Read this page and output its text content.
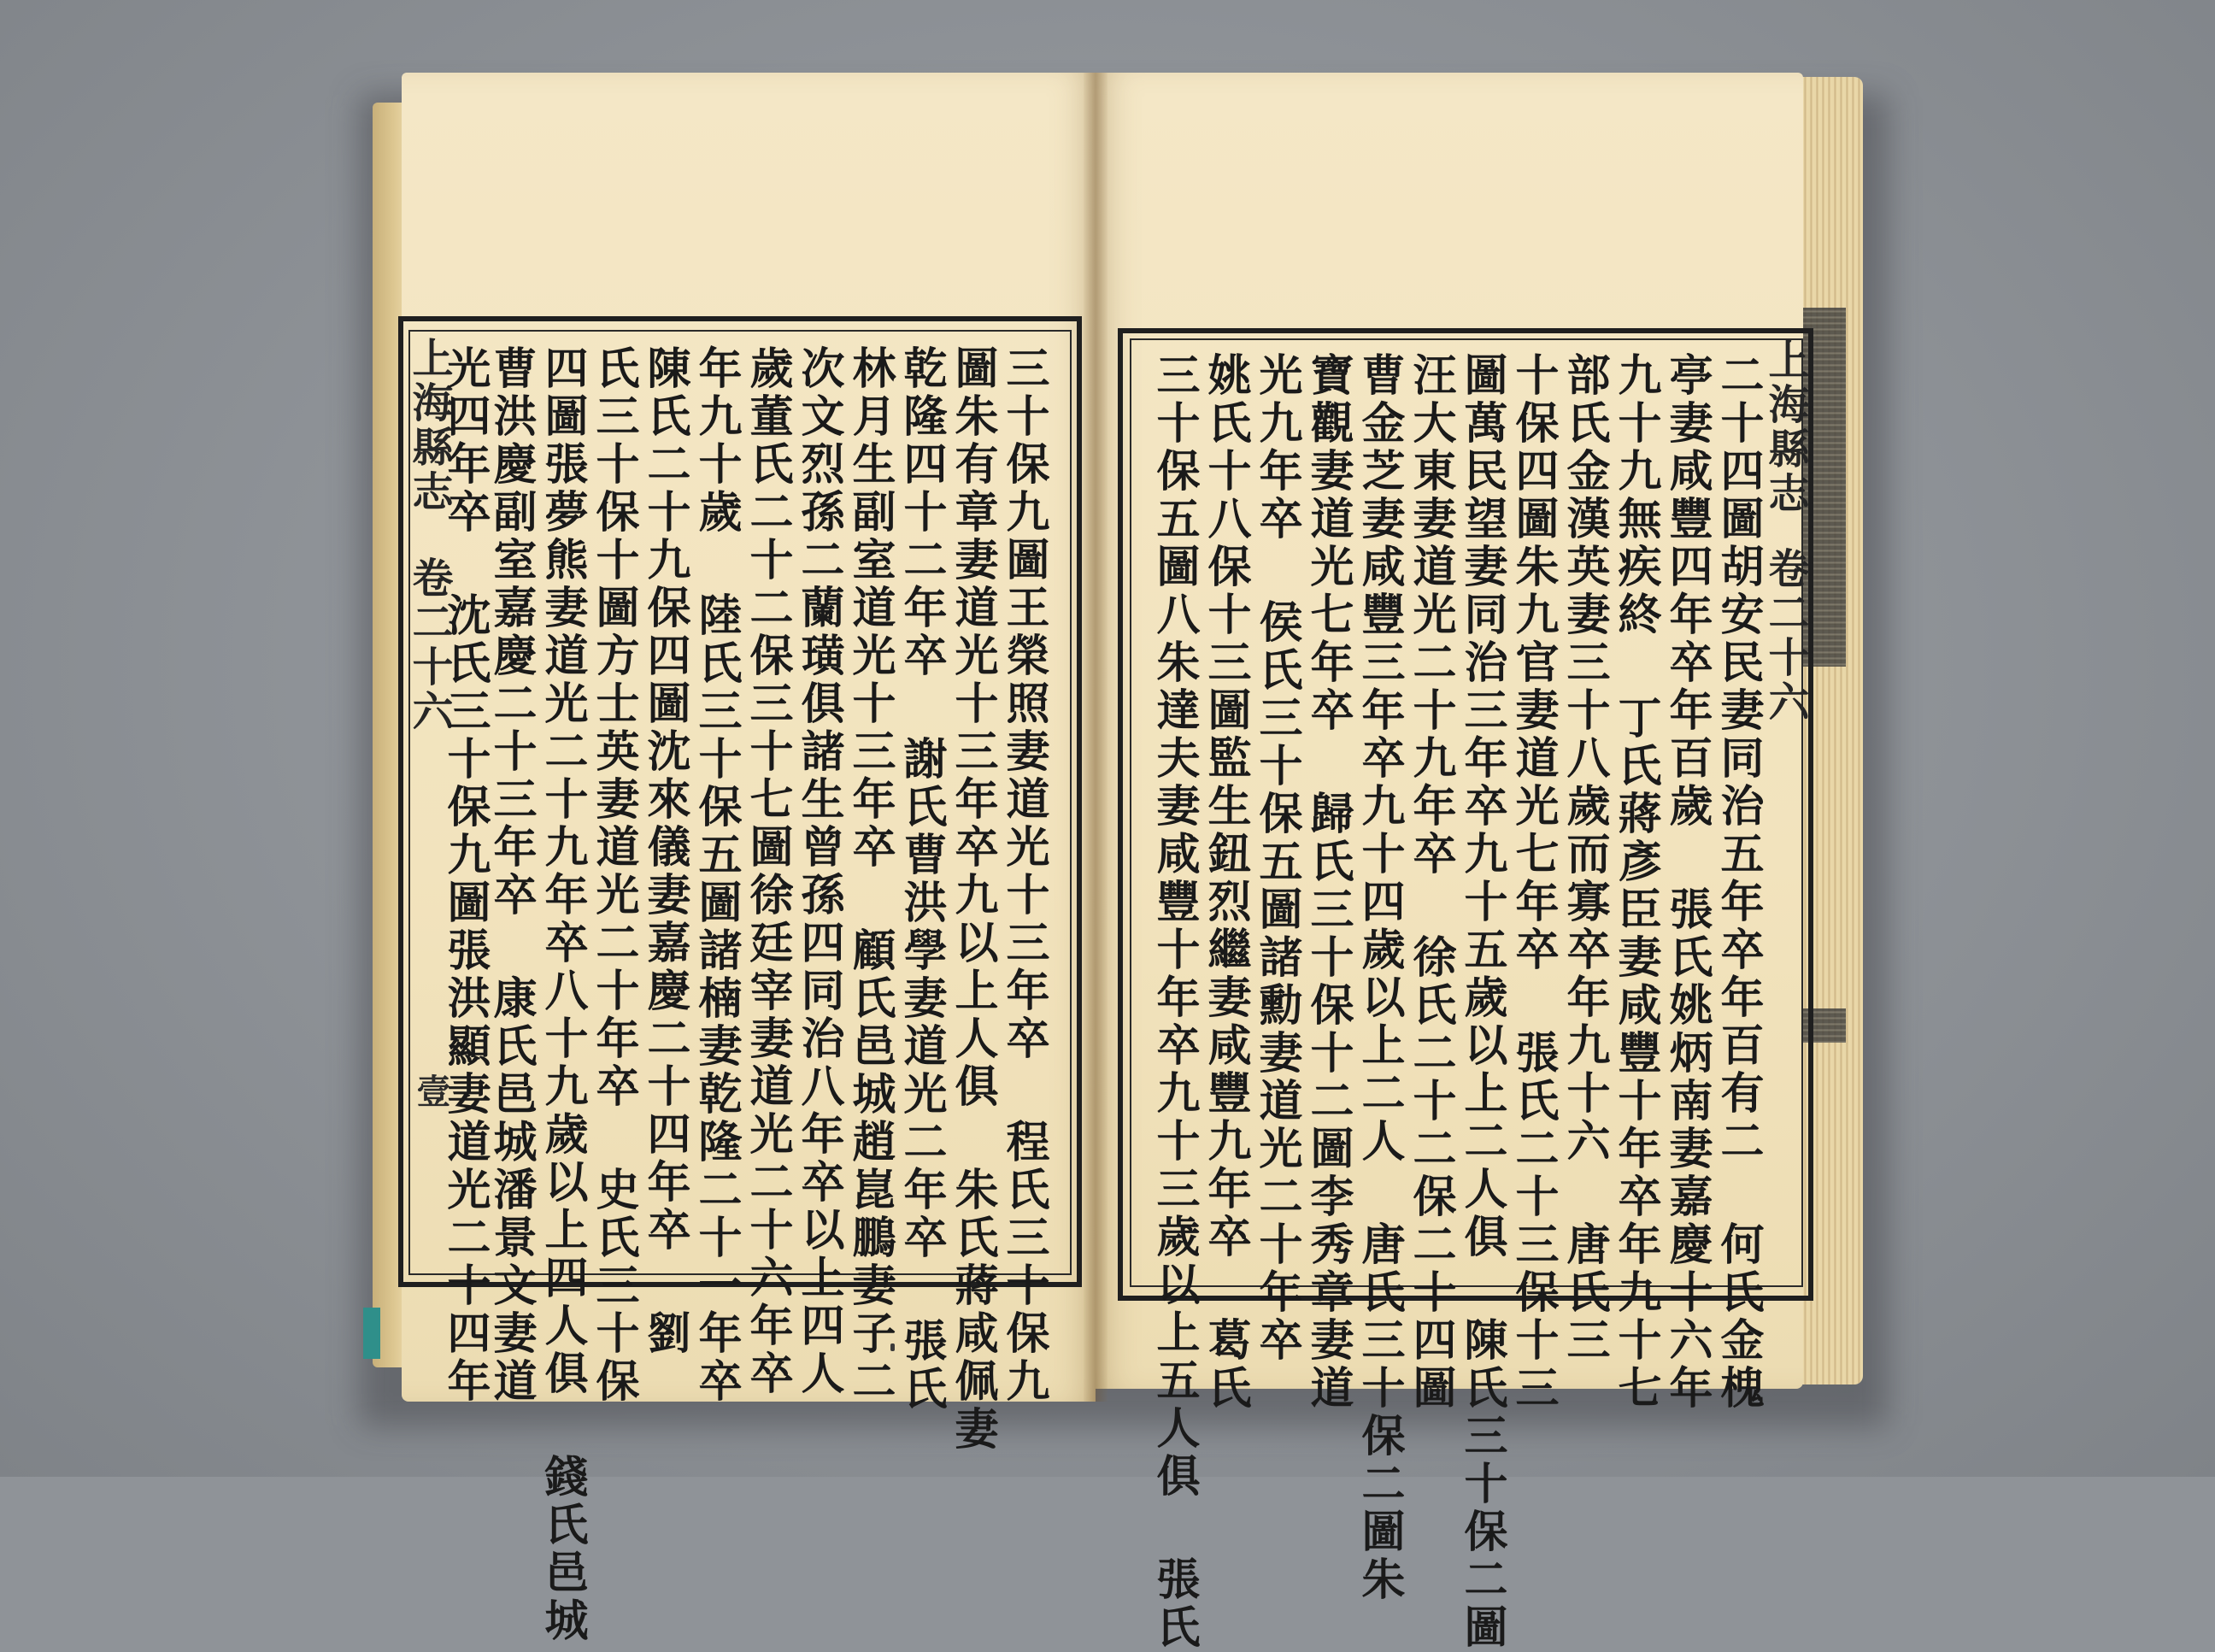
上海縣志
卷二十六
壹	三十保九圖王榮照妻道光十三年卒 程氏三十保九
圖朱有章妻道光十三年卒九以上人俱 朱氏蔣咸佩妻
乾隆四十二年卒 謝氏曹洪學妻道光二年卒 張氏
林月生副室道光十三年卒 顧氏邑城趙崑鵬妻子二
次文烈孫二蘭璜俱諸生曾孫四同治八年卒以上四人
歲董氏二十二保三十七圖徐廷宰妻道光二十六年卒
年九十歲 陸氏三十保五圖諸楠妻乾隆二十一年卒
陳氏二十九保四圖沈來儀妻嘉慶二十四年卒 劉
氏三十保十圖方士英妻道光二十年卒 史氏三十保
四圖張夢熊妻道光二十九年卒八十九歲以上四人俱 錢氏邑城
曹洪慶副室嘉慶二十三年卒 康氏邑城潘景文妻道
光四年卒 沈氏三十保九圖張洪顯妻道光二十四年	上海縣志
卷二十六
二十四圖胡安民妻同治五年卒年百有二 何氏金槐
亭妻咸豐四年卒年百歲 張氏姚炳南妻嘉慶十六年
九十九無疾終 丁氏蔣彥臣妻咸豐十年卒年九十七
部氏金漢英妻三十八歲而寡卒年九十六 唐氏三
十保四圖朱九官妻道光七年卒 張氏二十三保十三
圖萬民望妻同治三年卒九十五歲以上二人俱 陳氏三十保二圖
汪大東妻道光二十九年卒 徐氏二十二保二十四圖
曹金芝妻咸豐三年卒九十四歲以上二人 唐氏三十保二圖朱
寶觀妻道光七年卒 歸氏三十保十二圖李秀章妻道
光九年卒 侯氏三十保五圖諸勳妻道光二十年卒
姚氏十八保十三圖監生鈕烈繼妻咸豐九年卒 葛氏
三十保五圖八朱達夫妻咸豐十年卒九十三歲以上五人俱 張氏
